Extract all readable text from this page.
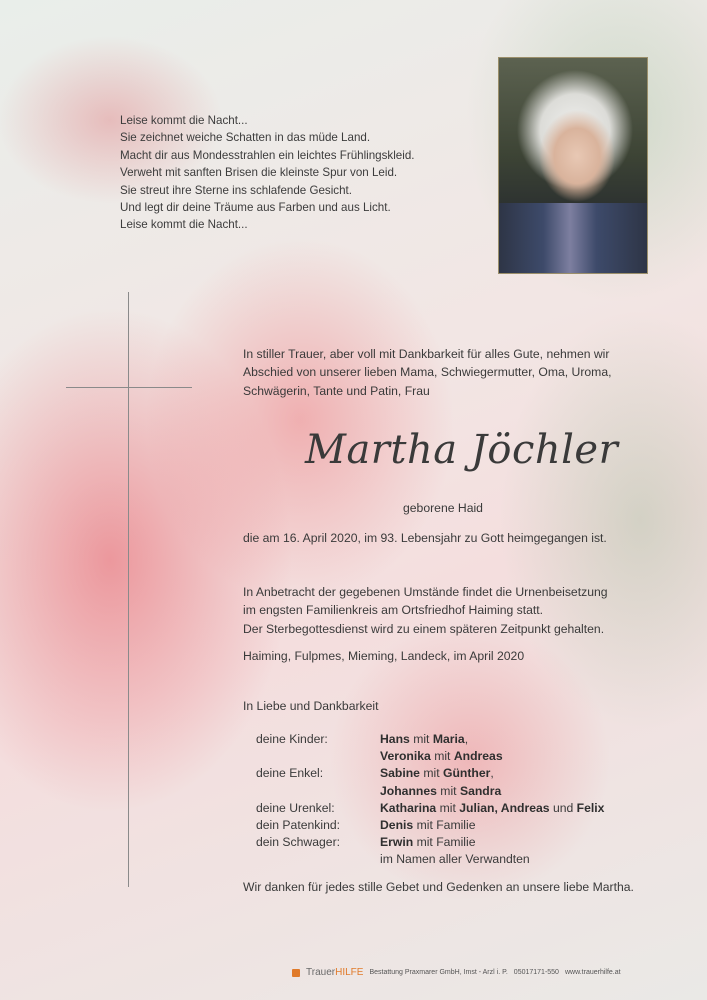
Leise kommt die Nacht...
Sie zeichnet weiche Schatten in das müde Land.
Macht dir aus Mondesstrahlen ein leichtes Frühlingskleid.
Verweht mit sanften Brisen die kleinste Spur von Leid.
Sie streut ihre Sterne ins schlafende Gesicht.
Und legt dir deine Träume aus Farben und aus Licht.
Leise kommt die Nacht...
In stiller Trauer, aber voll mit Dankbarkeit für alles Gute, nehmen wir Abschied von unserer lieben Mama, Schwiegermutter, Oma, Uroma, Schwägerin, Tante und Patin, Frau
Martha Jöchler
geborene Haid
die am 16. April 2020, im 93. Lebensjahr zu Gott heimgegangen ist.
In Anbetracht der gegebenen Umstände findet die Urnenbeisetzung
im engsten Familienkreis am Ortsfriedhof Haiming statt.
Der Sterbegottesdienst wird zu einem späteren Zeitpunkt gehalten.
Haiming, Fulpmes, Mieming, Landeck, im April 2020
In Liebe und Dankbarkeit
deine Kinder:
deine Enkel:
deine Urenkel:
dein Patenkind:
dein Schwager:
Hans mit Maria,
Veronika mit Andreas
Sabine mit Günther,
Johannes mit Sandra
Katharina mit Julian, Andreas und Felix
Denis mit Familie
Erwin mit Familie
im Namen aller Verwandten
Wir danken für jedes stille Gebet und Gedenken an unsere liebe Martha.
TrauerHILFE Bestattung Praxmarer GmbH, Imst - Arzl i. P. 05017171-550 www.trauerhilfe.at
